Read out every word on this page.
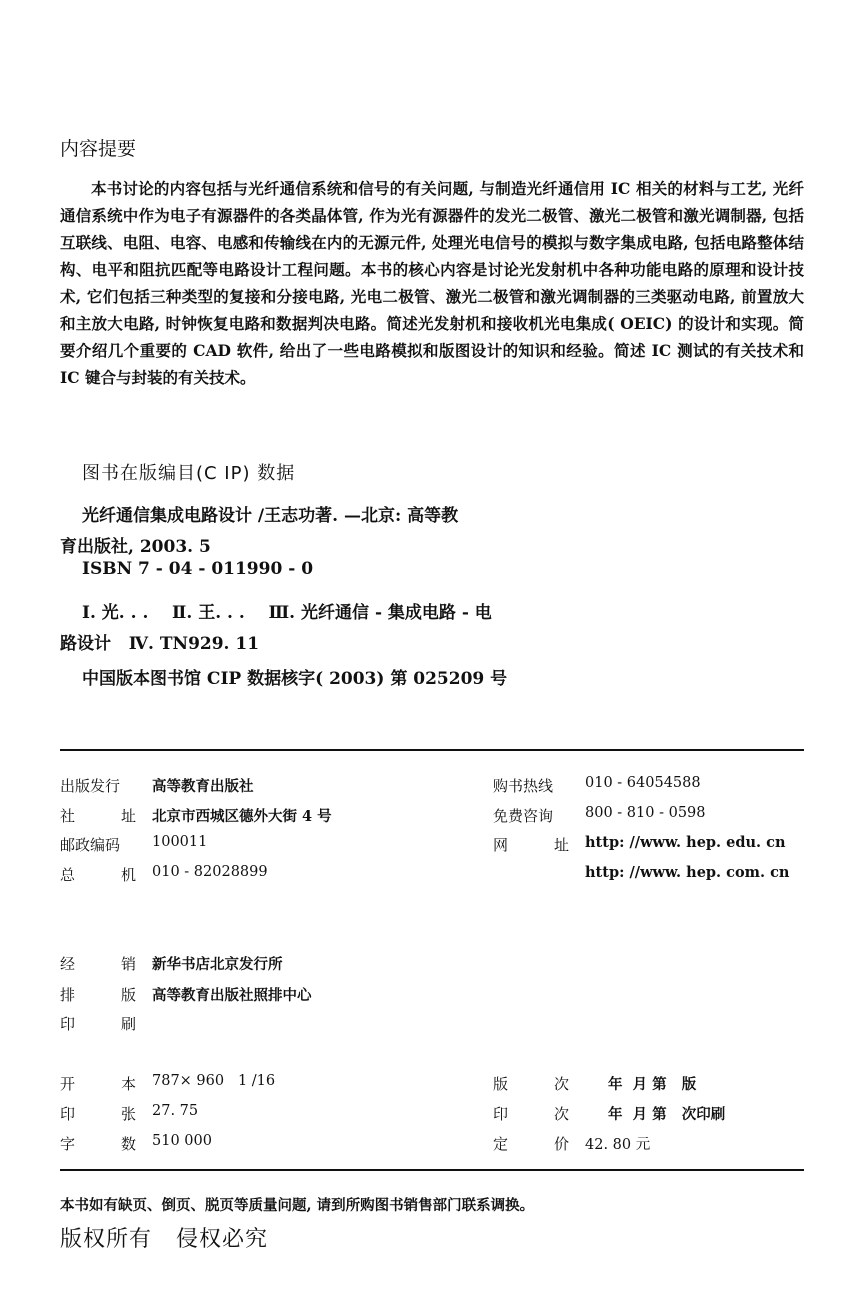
内容提要

本书讨论的内容包括与光纤通信系统和信号的有关问题, 与制造光纤通信用 IC 相关的材料与工艺, 光纤通信系统中作为电子有源器件的各类晶体管, 作为光有源器件的发光二极管、激光二极管和激光调制器, 包括互联线、电阻、电容、电感和传输线在内的无源元件, 处理光电信号的模拟与数字集成电路, 包括电路整体结构、电平和阻抗匹配等电路设计工程问题。本书的核心内容是讨论光发射机中各种功能电路的原理和设计技术, 它们包括三种类型的复接和分接电路, 光电二极管、激光二极管和激光调制器的三类驱动电路, 前置放大和主放大电路, 时钟恢复电路和数据判决电路。简述光发射机和接收机光电集成( OEIC) 的设计和实现。简要介绍几个重要的 CAD 软件, 给出了一些电路模拟和版图设计的知识和经验。简述 IC 测试的有关技术和 IC 键合与封装的有关技术。

图书在版编目(C IP) 数据
光纤通信集成电路设计 /王志功著. —北京: 高等教
育出版社, 2003. 5
ISBN 7 - 04 - 011990 - 0
Ⅰ. 光. . .    Ⅱ. 王. . .    Ⅲ. 光纤通信 - 集成电路 - 电
路设计   Ⅳ. TN929. 11
中国版本图书馆 CIP 数据核字( 2003) 第 025209 号
出版发行	高等教育出版社
社	址 北京市西城区德外大街 4 号
邮政编码	100011
总	机 010 - 82028899
购书热线	010 - 64054588
免费咨询	800 - 810 - 0598
网	址 http: //www. hep. edu. cn
http: //www. hep. com. cn
经	销 新华书店北京发行所
排	版 高等教育出版社照排中心
印	刷
开	本 787× 960   1 /16
印	张 27. 75
字	数 510 000
版	次	年  月 第   版
印	次	年  月 第   次印刷
定	价 42. 80 元
本书如有缺页、倒页、脱页等质量问题, 请到所购图书销售部门联系调换。
版权所有 侵权必究
